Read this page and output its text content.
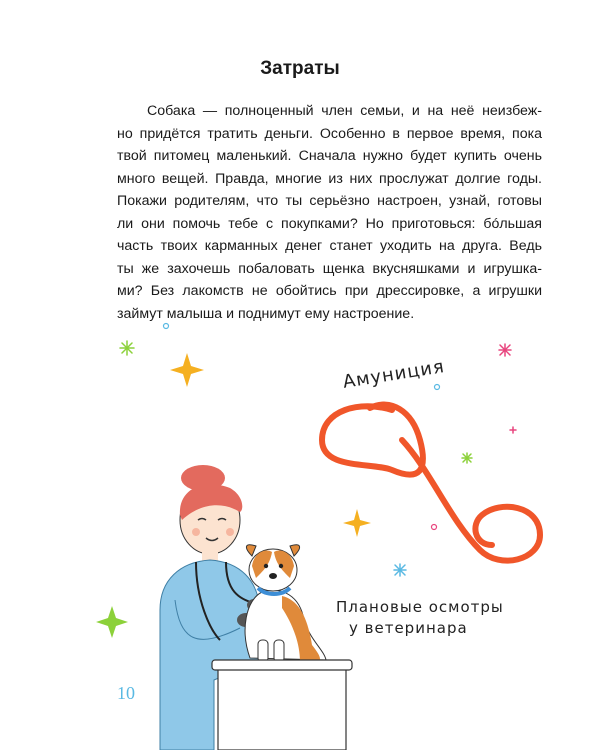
Затраты
Собака — полноценный член семьи, и на неё неизбеж-
но придётся тратить деньги. Особенно в первое время, пока
твой питомец маленький. Сначала нужно будет купить очень
много вещей. Правда, многие из них прослужат долгие годы.
Покажи родителям, что ты серьёзно настроен, узнай, готовы
ли они помочь тебе с покупками? Но приготовься: бóльшая
часть твоих карманных денег станет уходить на друга. Ведь
ты же захочешь побаловать щенка вкусняшками и игрушка-
ми? Без лакомств не обойтись при дрессировке, а игрушки
займут малыша и поднимут ему настроение.
Амуниция
Плановые осмотры
у ветеринара
10
